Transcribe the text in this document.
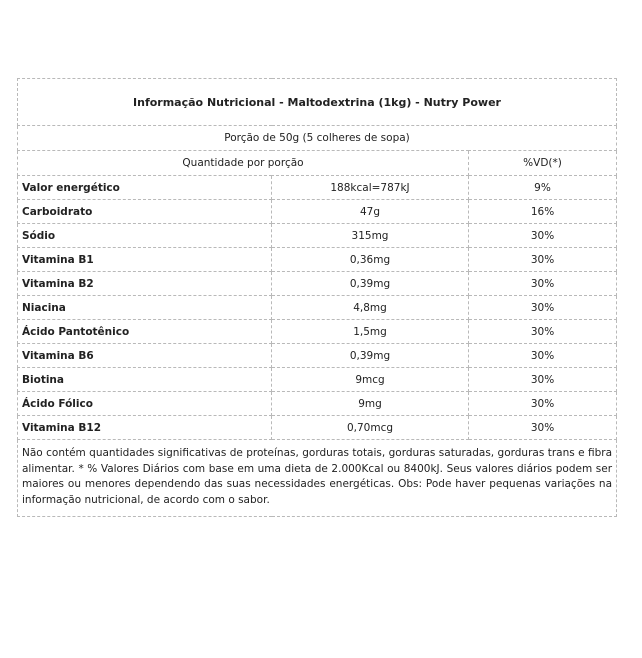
Informação Nutricional - Maltodextrina (1kg) - Nutry Power		
Porção de 50g (5 colheres de sopa)		
Quantidade por porção		%VD(*)
Valor energético	188kcal=787kJ	9%
Carboidrato	47g	16%
Sódio	315mg	30%
Vitamina B1	0,36mg	30%
Vitamina B2	0,39mg	30%
Niacina	4,8mg	30%
Ácido Pantotênico	1,5mg	30%
Vitamina B6	0,39mg	30%
Biotina	9mcg	30%
Ácido Fólico	9mg	30%
Vitamina B12	0,70mcg	30%
Não contém quantidades significativas de proteínas, gorduras totais, gorduras saturadas, gorduras trans e fibra alimentar. * % Valores Diários com base em uma dieta de 2.000Kcal ou 8400kJ. Seus valores diários podem ser maiores ou menores dependendo das suas necessidades energéticas. Obs: Pode haver pequenas variações na informação nutricional, de acordo com o sabor.		
